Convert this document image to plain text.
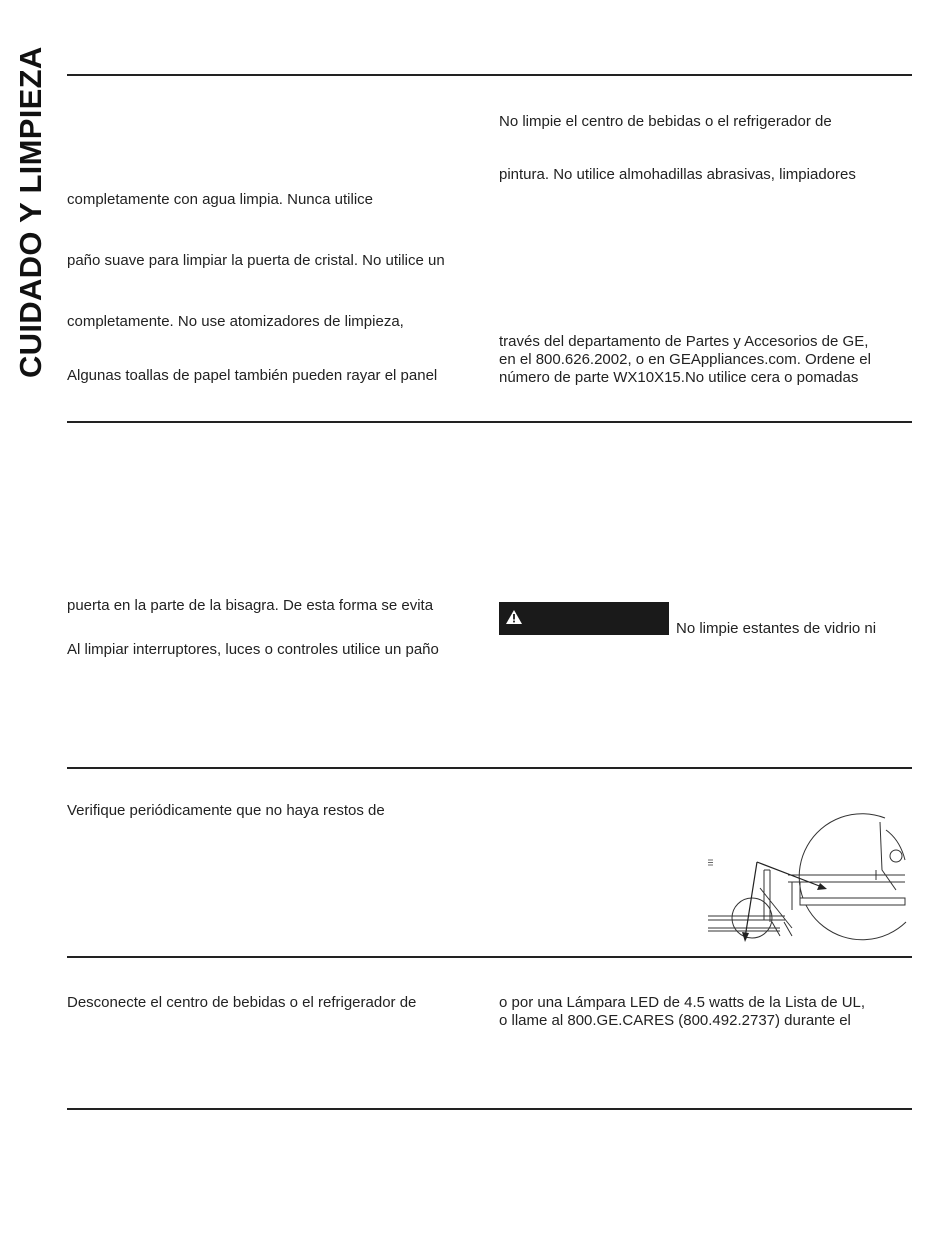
CUIDADO Y LIMPIEZA completamente con agua limpia. Nunca utilice
paño suave para limpiar la puerta de cristal. No utilice un
completamente. No use atomizadores de limpieza,
Algunas toallas de papel también pueden rayar el panel
No limpie el centro de bebidas o el refrigerador de
pintura. No utilice almohadillas abrasivas, limpiadores
través del departamento de Partes y Accesorios de GE,
en el 800.626.2002, o en GEAppliances.com. Ordene el
número de parte WX10X15.No utilice cera o pomadas
puerta en la parte de la bisagra. De esta forma se evita
Al limpiar interruptores, luces o controles utilice un paño
No limpie estantes de vidrio ni
Verifique periódicamente que no haya restos de
Desconecte el centro de bebidas o el refrigerador de	o por una Lámpara LED de 4.5 watts de la Lista de UL,
o llame al 800.GE.CARES (800.492.2737) durante el
